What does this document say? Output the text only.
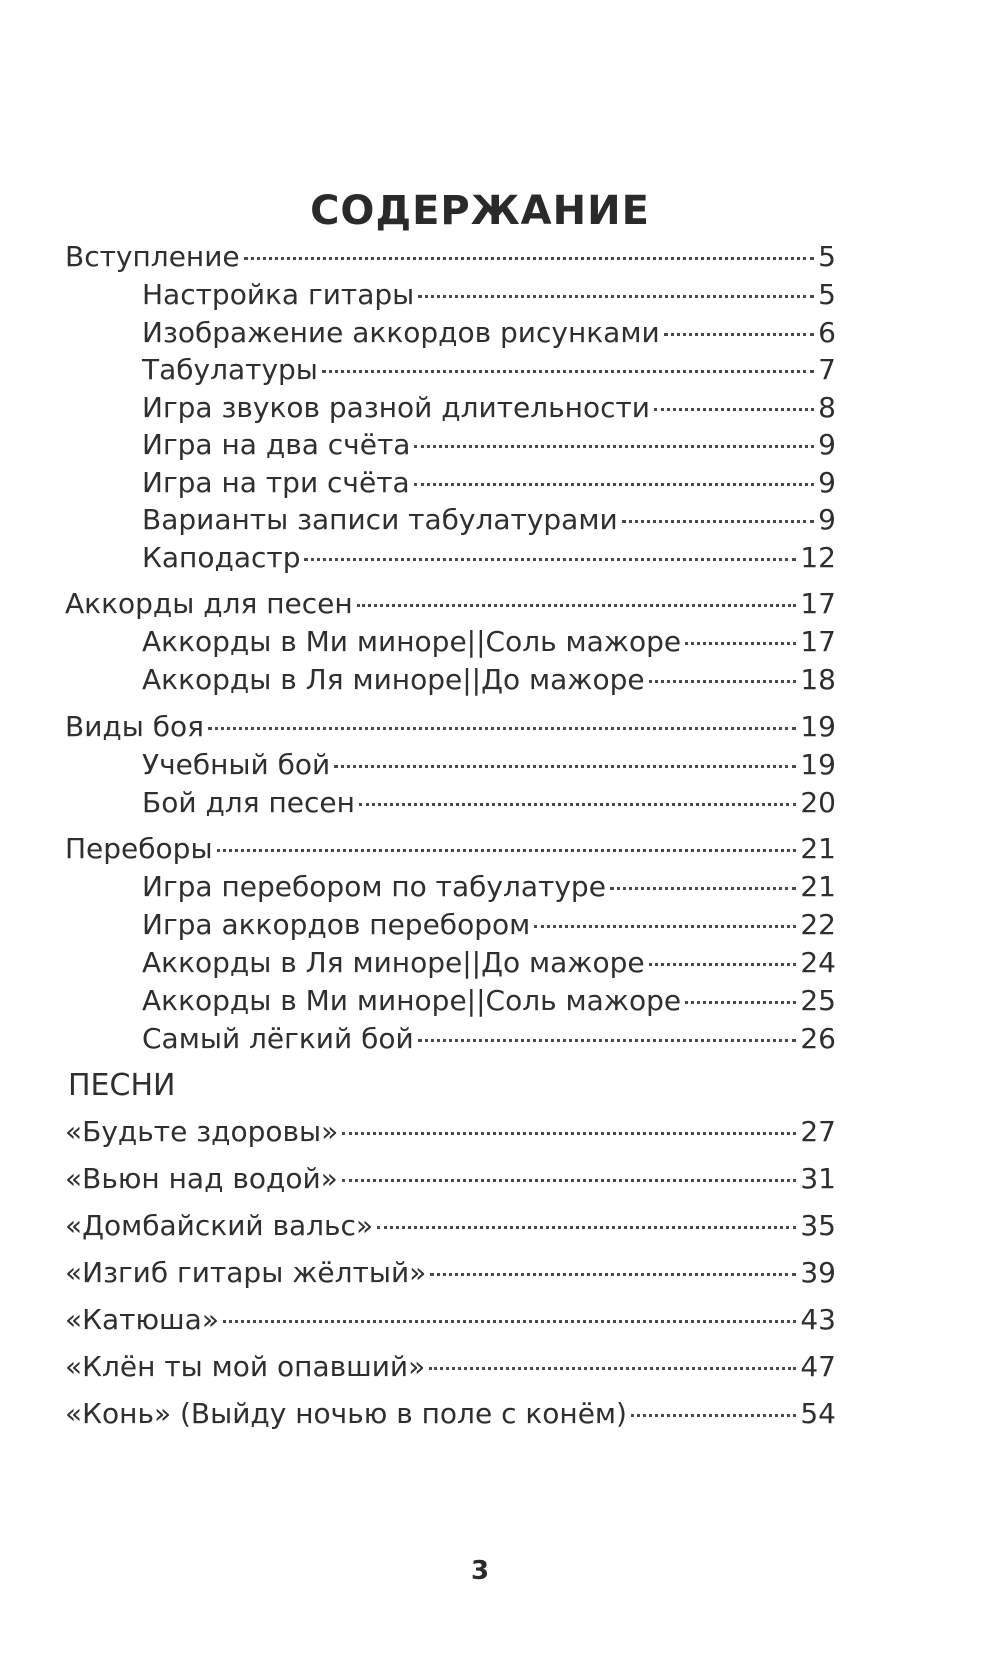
СОДЕРЖАНИЕ
Вступление	5
Настройка гитары	5
Изображение аккордов рисунками	6
Табулатуры	7
Игра звуков разной длительности	8
Игра на два счёта	9
Игра на три счёта	9
Варианты записи табулатурами	9
Каподастр	12
Аккорды для песен	17
Аккорды в Ми миноре||Соль мажоре	17
Аккорды в Ля миноре||До мажоре	18
Виды боя	19
Учебный бой	19
Бой для песен	20
Переборы	21
Игра перебором по табулатуре	21
Игра аккордов перебором	22
Аккорды в Ля миноре||До мажоре	24
Аккорды в Ми миноре||Соль мажоре	25
Самый лёгкий бой	26
«Будьте здоровы»	27
«Вьюн над водой»	31
«Домбайский вальс»	35
«Изгиб гитары жёлтый»	39
«Катюша»	43
«Клён ты мой опавший»	47
«Конь» (Выйду ночью в поле с конём)	54
ПЕСНИ
3
